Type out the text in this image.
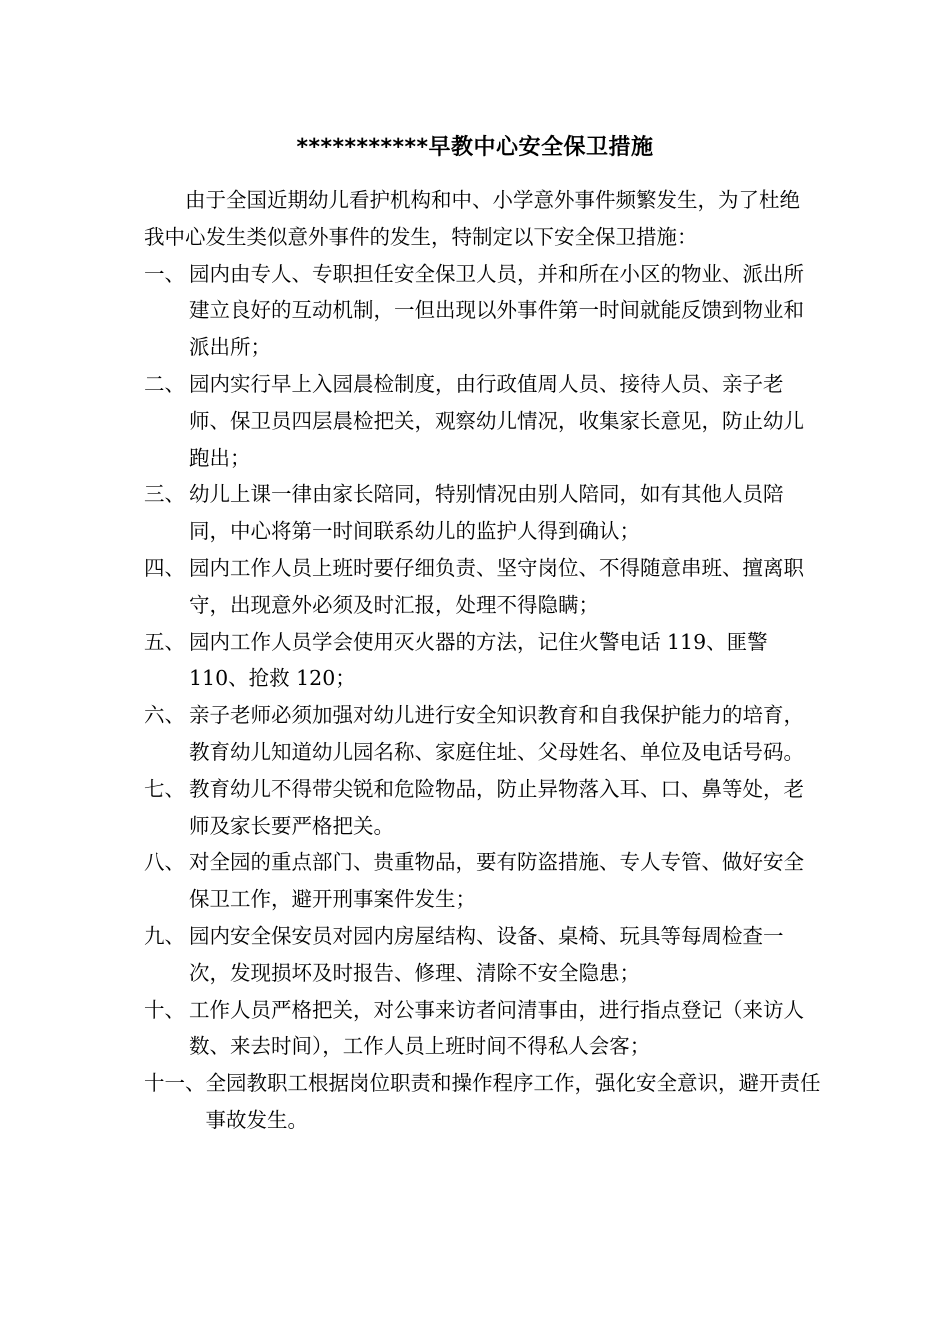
***********早教中心安全保卫措施

由于全国近期幼儿看护机构和中、小学意外事件频繁发生，为了杜绝我中心发生类似意外事件的发生，特制定以下安全保卫措施：

一、 园内由专人、专职担任安全保卫人员，并和所在小区的物业、派出所建立良好的互动机制，一但出现以外事件第一时间就能反馈到物业和派出所；
二、 园内实行早上入园晨检制度，由行政值周人员、接待人员、亲子老师、保卫员四层晨检把关，观察幼儿情况，收集家长意见，防止幼儿跑出；
三、 幼儿上课一律由家长陪同，特别情况由别人陪同，如有其他人员陪同，中心将第一时间联系幼儿的监护人得到确认；
四、 园内工作人员上班时要仔细负责、坚守岗位、不得随意串班、擅离职守，出现意外必须及时汇报，处理不得隐瞒；
五、 园内工作人员学会使用灭火器的方法，记住火警电话 119、匪警 110、抢救 120；
六、 亲子老师必须加强对幼儿进行安全知识教育和自我保护能力的培育，教育幼儿知道幼儿园名称、家庭住址、父母姓名、单位及电话号码。
七、 教育幼儿不得带尖锐和危险物品，防止异物落入耳、口、鼻等处，老师及家长要严格把关。
八、 对全园的重点部门、贵重物品，要有防盗措施、专人专管、做好安全保卫工作，避开刑事案件发生；
九、 园内安全保安员对园内房屋结构、设备、桌椅、玩具等每周检查一次，发现损坏及时报告、修理、清除不安全隐患；
十、 工作人员严格把关，对公事来访者问清事由，进行指点登记（来访人数、来去时间），工作人员上班时间不得私人会客；
十一、 全园教职工根据岗位职责和操作程序工作，强化安全意识，避开责任事故发生。
